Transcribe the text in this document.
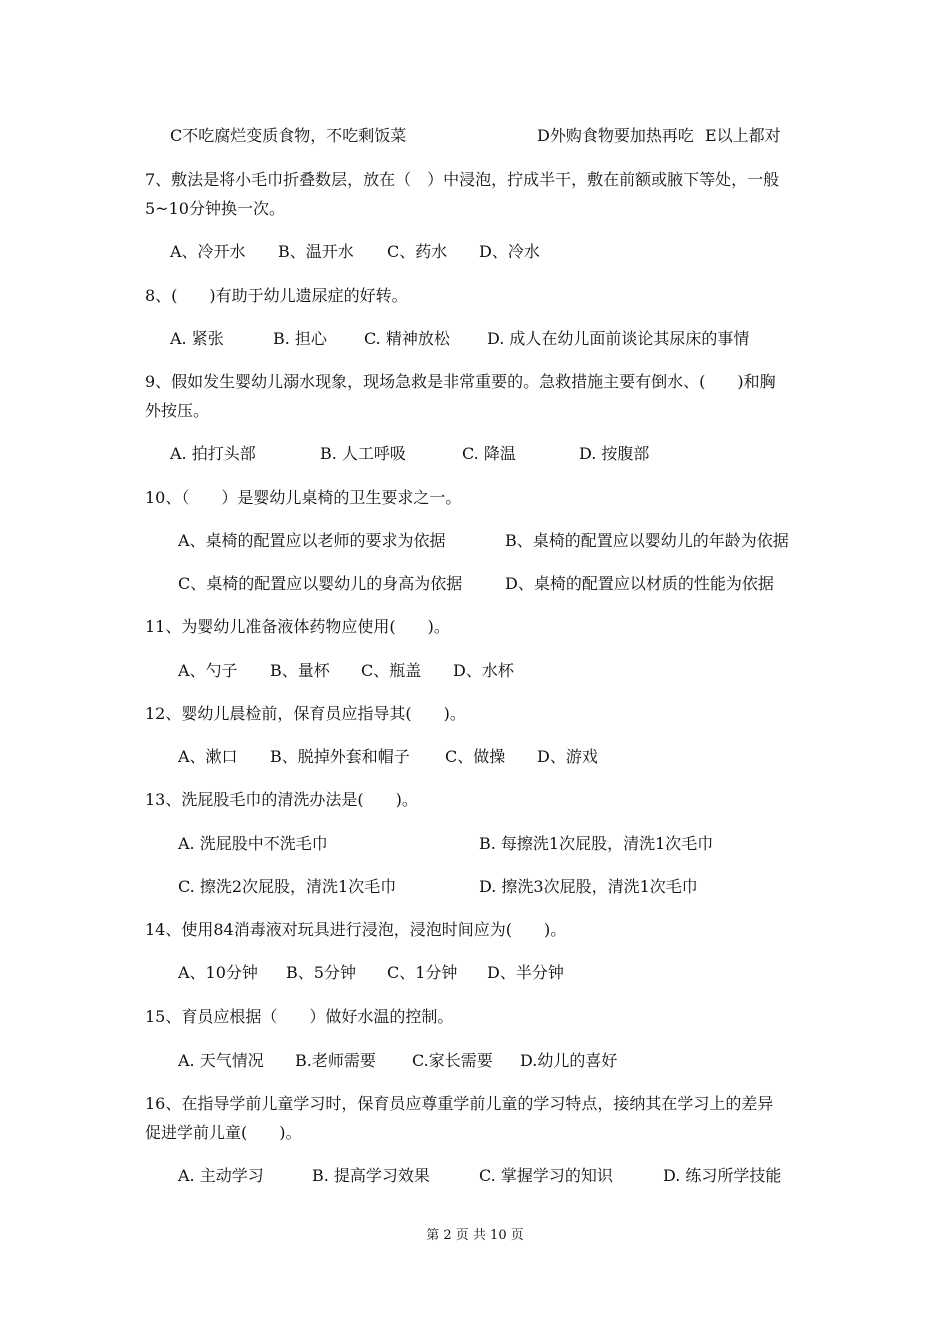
C不吃腐烂变质食物，不吃剩饭菜	D外购食物要加热再吃 E以上都对
7、敷法是将小毛巾折叠数层，放在（　）中浸泡，拧成半干，敷在前额或腋下等处，一般
5~10分钟换一次。
A、冷开水 B、温开水 C、药水 D、冷水
8、(　　)有助于幼儿遗尿症的好转。
A. 紧张	B. 担心 C. 精神放松 D. 成人在幼儿面前谈论其尿床的事情
9、假如发生婴幼儿溺水现象，现场急救是非常重要的。急救措施主要有倒水、(　　)和胸
外按压。
A. 拍打头部	B. 人工呼吸	C. 降温	D. 按腹部
10、（　　）是婴幼儿桌椅的卫生要求之一。
A、桌椅的配置应以老师的要求为依据	B、桌椅的配置应以婴幼儿的年龄为依据
C、桌椅的配置应以婴幼儿的身高为依据	D、桌椅的配置应以材质的性能为依据
11、为婴幼儿准备液体药物应使用(　　)。
A、勺子 B、量杯 C、瓶盖 D、水杯
12、婴幼儿晨检前，保育员应指导其(　　)。
A、漱口 B、脱掉外套和帽子 C、做操 D、游戏
13、洗屁股毛巾的清洗办法是(　　)。
A. 洗屁股中不洗毛巾	B. 每擦洗1次屁股，清洗1次毛巾
C. 擦洗2次屁股，清洗1次毛巾	D. 擦洗3次屁股，清洗1次毛巾
14、使用84消毒液对玩具进行浸泡，浸泡时间应为(　　)。
A、10分钟 B、5分钟 C、1分钟 D、半分钟
15、育员应根据（　　）做好水温的控制。
A. 天气情况 B.老师需要 C.家长需要 D.幼儿的喜好
16、在指导学前儿童学习时，保育员应尊重学前儿童的学习特点，接纳其在学习上的差异
促进学前儿童(　　)。
A. 主动学习	B. 提高学习效果	C. 掌握学习的知识	D. 练习所学技能
第 2 页 共 10 页
